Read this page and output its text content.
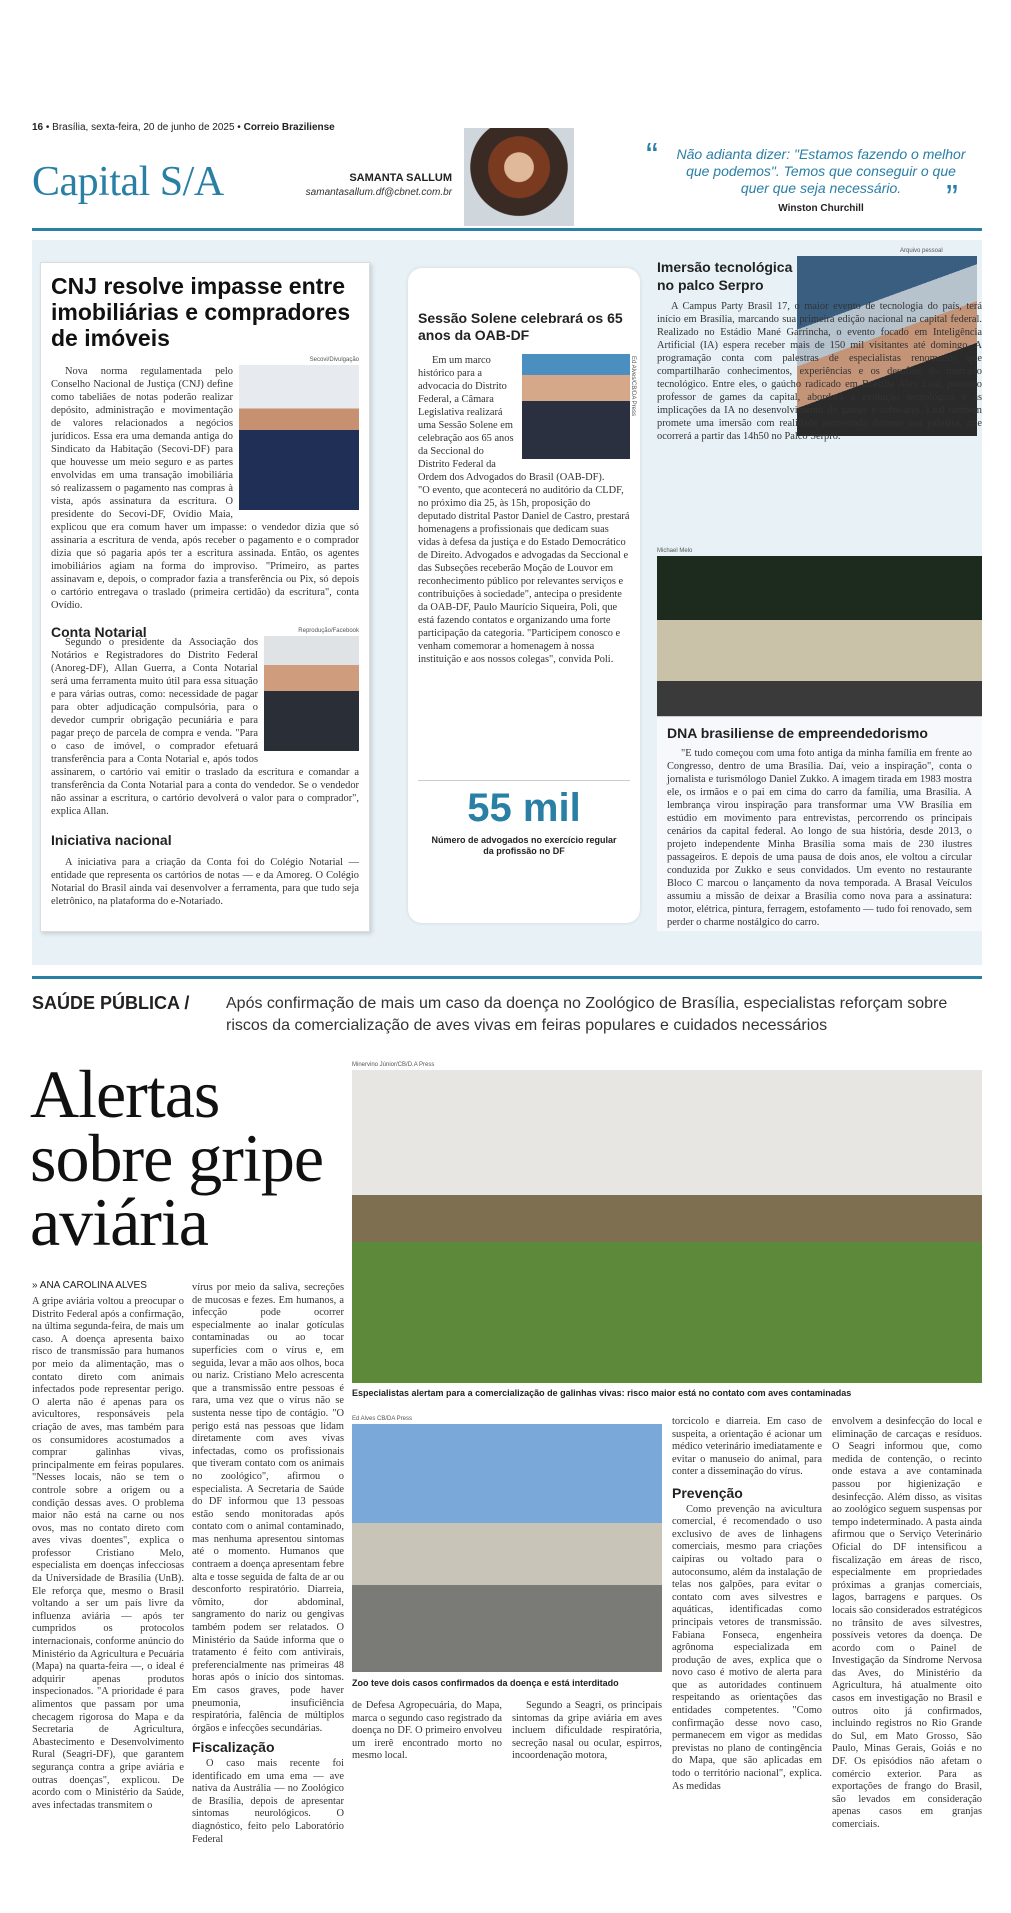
16 • Brasília, sexta-feira, 20 de junho de 2025 • Correio Braziliense
Capital S/A	SAMANTA SALLUM
samantasallum.df@cbnet.com.br
“ Não adianta dizer: "Estamos fazendo o melhor que podemos". Temos que conseguir o que quer que seja necessário.
Winston Churchill	”
CNJ resolve impasse entre imobiliárias e compradores de imóveis
Secovi/Divulgação

Nova norma regulamentada pelo Conselho Nacional de Justiça (CNJ) define como tabeliães de notas poderão realizar depósito, administração e movimentação de valores relacionados a negócios jurídicos. Essa era uma demanda antiga do Sindicato da Habitação (Secovi-DF) para que houvesse um meio seguro e as partes envolvidas em uma transação imobiliária só realizassem o pagamento nas compras à vista, após assinatura da escritura. O presidente do Secovi-DF, Ovídio Maia, explicou que era comum haver um impasse: o vendedor dizia que só assinaria a escritura de venda, após receber o pagamento e o comprador dizia que só pagaria após ter a escritura assinada. Então, os agentes imobiliários agiam na forma do improviso. "Primeiro, as partes assinavam e, depois, o comprador fazia a transferência ou Pix, só depois o cartório entregava o traslado (primeira certidão) da escritura", conta Ovídio.

Conta Notarial	Reprodução/Facebook

Segundo o presidente da Associação dos Notários e Registradores do Distrito Federal (Anoreg-DF), Allan Guerra, a Conta Notarial será uma ferramenta muito útil para essa situação e para várias outras, como: necessidade de pagar para obter adjudicação compulsória, para o devedor cumprir obrigação pecuniária e para pagar preço de parcela de compra e venda. "Para o caso de imóvel, o comprador efetuará transferência para a Conta Notarial e, após todos assinarem, o cartório vai emitir o traslado da escritura e comandar a transferência da Conta Notarial para a conta do vendedor. Se o vendedor não assinar a escritura, o cartório devolverá o valor para o comprador", explica Allan.

Iniciativa nacional

A iniciativa para a criação da Conta foi do Colégio Notarial — entidade que representa os cartórios de notas — e da Amoreg. O Colégio Notarial do Brasil ainda vai desenvolver a ferramenta, para que tudo seja eletrônico, na plataforma do e-Notariado.

Sessão Solene celebrará os 65 anos da OAB-DF

Em um marco histórico para a advocacia do Distrito Federal, a Câmara Legislativa realizará uma Sessão Solene em celebração aos 65 anos da Seccional do Distrito Federal da Ordem dos Advogados do Brasil (OAB-DF).

"O evento, que acontecerá no auditório da CLDF, no próximo dia 25, às 15h, proposição do deputado distrital Pastor Daniel de Castro, prestará homenagens a profissionais que dedicam suas vidas à defesa da justiça e do Estado Democrático de Direito. Advogados e advogadas da Seccional e das Subseções receberão Moção de Louvor em reconhecimento público por relevantes serviços e contribuições à sociedade", antecipa o presidente da OAB-DF, Paulo Maurício Siqueira, Poli, que está fazendo contatos e organizando uma forte participação da categoria. "Participem conosco e venham comemorar a homenagem à nossa instituição e aos nossos colegas", convida Poli.

Ed Alves/CB/DA Press
55 mil
Número de advogados no exercício regular da profissão no DF
Imersão tecnológica no palco Serpro
Arquivo pessoal

A Campus Party Brasil 17, o maior evento de tecnologia do país, terá início em Brasília, marcando sua primeira edição nacional na capital federal. Realizado no Estádio Mané Garrincha, o evento focado em Inteligência Artificial (IA) espera receber mais de 150 mil visitantes até domingo. A programação conta com palestras de especialistas renomados que compartilharão conhecimentos, experiências e os desafios do mercado tecnológico. Entre eles, o gaúcho radicado em Brasília Alex Leal, pioneiro professor de games da capital, abordará a evolução tecnológica e as implicações da IA no desenvolvimento de games e softwares. Leal também promete uma imersão com realidade aumentada durante sua palestra, que ocorrerá a partir das 14h50 no Palco Serpro.

Michael Melo
DNA brasiliense de empreendedorismo

"E tudo começou com uma foto antiga da minha família em frente ao Congresso, dentro de uma Brasília. Daí, veio a inspiração", conta o jornalista e turismólogo Daniel Zukko. A imagem tirada em 1983 mostra ele, os irmãos e o pai em cima do carro da família, uma Brasília. A lembrança virou inspiração para transformar uma VW Brasília em estúdio em movimento para entrevistas, percorrendo os principais cenários da capital federal. Ao longo de sua história, desde 2013, o projeto independente Minha Brasília soma mais de 230 ilustres passageiros. E depois de uma pausa de dois anos, ele voltou a circular conduzida por Zukko e seus convidados. Um evento no restaurante Bloco C marcou o lançamento da nova temporada. A Brasal Veículos assumiu a missão de deixar a Brasília como nova para a assinatura: motor, elétrica, pintura, ferragem, estofamento — tudo foi renovado, sem perder o charme nostálgico do carro.

SAÚDE PÚBLICA / Após confirmação de mais um caso da doença no Zoológico de Brasília, especialistas reforçam sobre riscos da comercialização de aves vivas em feiras populares e cuidados necessários
Alertas sobre gripe aviária
» ANA CAROLINA ALVES
Minervino Júnior/CB/D.A Press
Especialistas alertam para a comercialização de galinhas vivas: risco maior está no contato com aves contaminadas

A gripe aviária voltou a preocupar o Distrito Federal após a confirmação, na última segunda-feira, de mais um caso. A doença apresenta baixo risco de transmissão para humanos por meio da alimentação, mas o contato direto com animais infectados pode representar perigo. O alerta não é apenas para os avicultores, responsáveis pela criação de aves, mas também para os consumidores acostumados a comprar galinhas vivas, principalmente em feiras populares. "Nesses locais, não se tem o controle sobre a origem ou a condição dessas aves. O problema maior não está na carne ou nos ovos, mas no contato direto com aves vivas doentes", explica o professor Cristiano Melo, especialista em doenças infecciosas da Universidade de Brasília (UnB). Ele reforça que, mesmo o Brasil voltando a ser um país livre da influenza aviária — após ter cumpridos os protocolos internacionais, conforme anúncio do Ministério da Agricultura e Pecuária (Mapa) na quarta-feira —, o ideal é adquirir apenas produtos inspecionados. "A prioridade é para alimentos que passam por uma checagem rigorosa do Mapa e da Secretaria de Agricultura, Abastecimento e Desenvolvimento Rural (Seagri-DF), que garantem segurança contra a gripe aviária e outras doenças", explicou. De acordo com o Ministério da Saúde, aves infectadas transmitem o

vírus por meio da saliva, secreções de mucosas e fezes. Em humanos, a infecção pode ocorrer especialmente ao inalar gotículas contaminadas ou ao tocar superfícies com o vírus e, em seguida, levar a mão aos olhos, boca ou nariz. Cristiano Melo acrescenta que a transmissão entre pessoas é rara, uma vez que o vírus não se sustenta nesse tipo de contágio. "O perigo está nas pessoas que lidam diretamente com aves vivas infectadas, como os profissionais que tiveram contato com os animais no zoológico", afirmou o especialista. A Secretaria de Saúde do DF informou que 13 pessoas estão sendo monitoradas após contato com o animal contaminado, mas nenhuma apresentou sintomas até o momento. Humanos que contraem a doença apresentam febre alta e tosse seguida de falta de ar ou desconforto respiratório. Diarreia, vômito, dor abdominal, sangramento do nariz ou gengivas também podem ser relatados. O Ministério da Saúde informa que o tratamento é feito com antivirais, preferencialmente nas primeiras 48 horas após o início dos sintomas. Em casos graves, pode haver pneumonia, insuficiência respiratória, falência de múltiplos órgãos e infecções secundárias.

Fiscalização

O caso mais recente foi identificado em uma ema — ave nativa da Austrália — no Zoológico de Brasília, depois de apresentar sintomas neurológicos. O diagnóstico, feito pelo Laboratório Federal

Ed Alves CB/DA Press
Zoo teve dois casos confirmados da doença e está interditado

de Defesa Agropecuária, do Mapa, marca o segundo caso registrado da doença no DF. O primeiro envolveu um irerê encontrado morto no mesmo local.

Segundo a Seagri, os principais sintomas da gripe aviária em aves incluem dificuldade respiratória, secreção nasal ou ocular, espirros, incoordenação motora,

torcicolo e diarreia. Em caso de suspeita, a orientação é acionar um médico veterinário imediatamente e evitar o manuseio do animal, para conter a disseminação do vírus.

Prevenção

Como prevenção na avicultura comercial, é recomendado o uso exclusivo de aves de linhagens comerciais, mesmo para criações caipiras ou voltado para o autoconsumo, além da instalação de telas nos galpões, para evitar o contato com aves silvestres e aquáticas, identificadas como principais vetores de transmissão. Fabiana Fonseca, engenheira agrônoma especializada em produção de aves, explica que o novo caso é motivo de alerta para que as autoridades continuem respeitando as orientações das entidades competentes. "Como confirmação desse novo caso, permanecem em vigor as medidas previstas no plano de contingência do Mapa, que são aplicadas em todo o território nacional", explica. As medidas

envolvem a desinfecção do local e eliminação de carcaças e resíduos. O Seagri informou que, como medida de contenção, o recinto onde estava a ave contaminada passou por higienização e desinfecção. Além disso, as visitas ao zoológico seguem suspensas por tempo indeterminado. A pasta ainda afirmou que o Serviço Veterinário Oficial do DF intensificou a fiscalização em áreas de risco, especialmente em propriedades próximas a granjas comerciais, lagos, barragens e parques. Os locais são considerados estratégicos no trânsito de aves silvestres, possíveis vetores da doença. De acordo com o Painel de Investigação da Síndrome Nervosa das Aves, do Ministério da Agricultura, há atualmente oito casos em investigação no Brasil e outros oito já confirmados, incluindo registros no Rio Grande do Sul, em Mato Grosso, São Paulo, Minas Gerais, Goiás e no DF. Os episódios não afetam o comércio exterior. Para as exportações de frango do Brasil, são levados em consideração apenas casos em granjas comerciais.
